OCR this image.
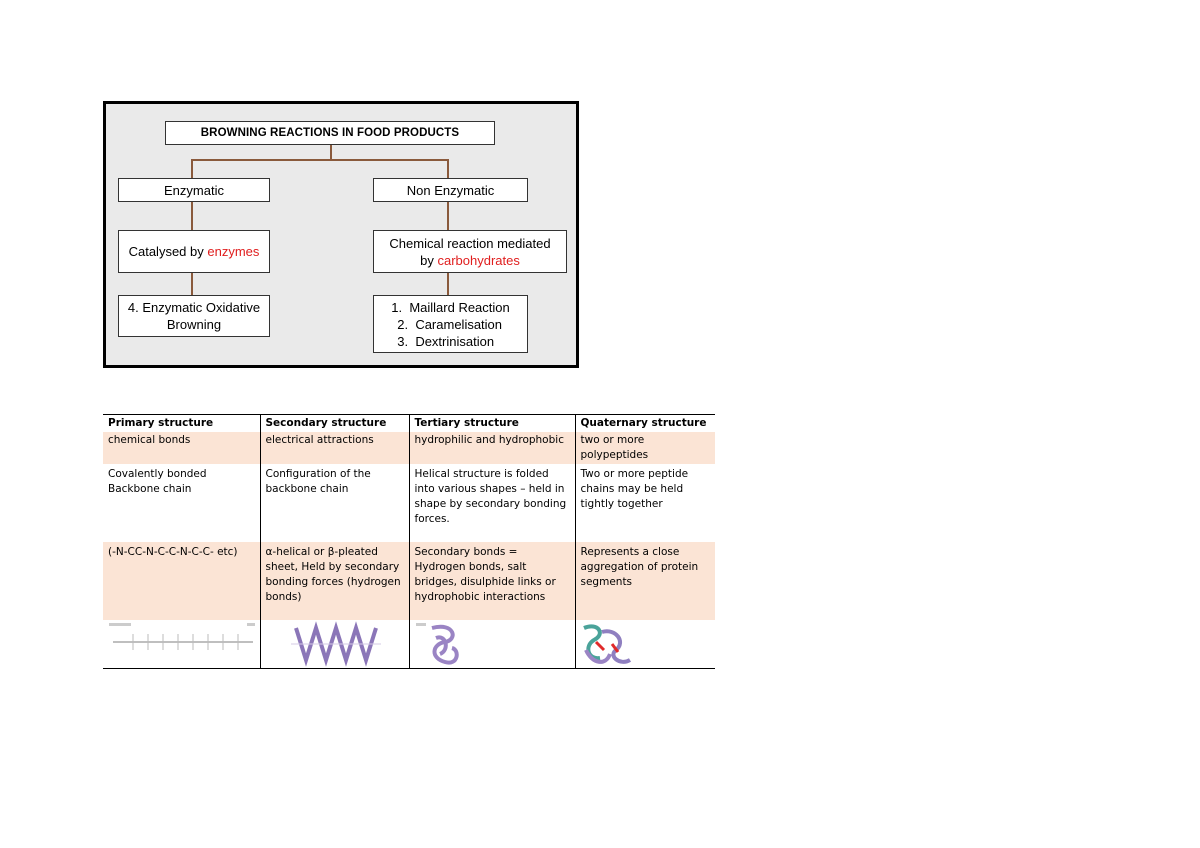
BROWNING REACTIONS IN FOOD PRODUCTS
Enzymatic	Non Enzymatic
Catalysed by enzymes
Chemical reaction mediated by carbohydrates
4. Enzymatic Oxidative Browning
1.  Maillard Reaction
2.  Caramelisation
3.  Dextrinisation
Primary structure	Secondary structure	Tertiary structure	Quaternary structure
chemical bonds	electrical attractions	hydrophilic and hydrophobic	two or more polypeptides
Covalently bonded Backbone chain	Configuration of the backbone chain	Helical structure is folded into various shapes – held in shape by secondary bonding forces.	Two or more peptide chains may be held tightly together
(-N-CC-N-C-C-N-C-C- etc)	α-helical or β-pleated sheet, Held by secondary bonding forces (hydrogen bonds)	Secondary bonds = Hydrogen bonds, salt bridges, disulphide links or hydrophobic interactions	Represents a close aggregation of protein segments
